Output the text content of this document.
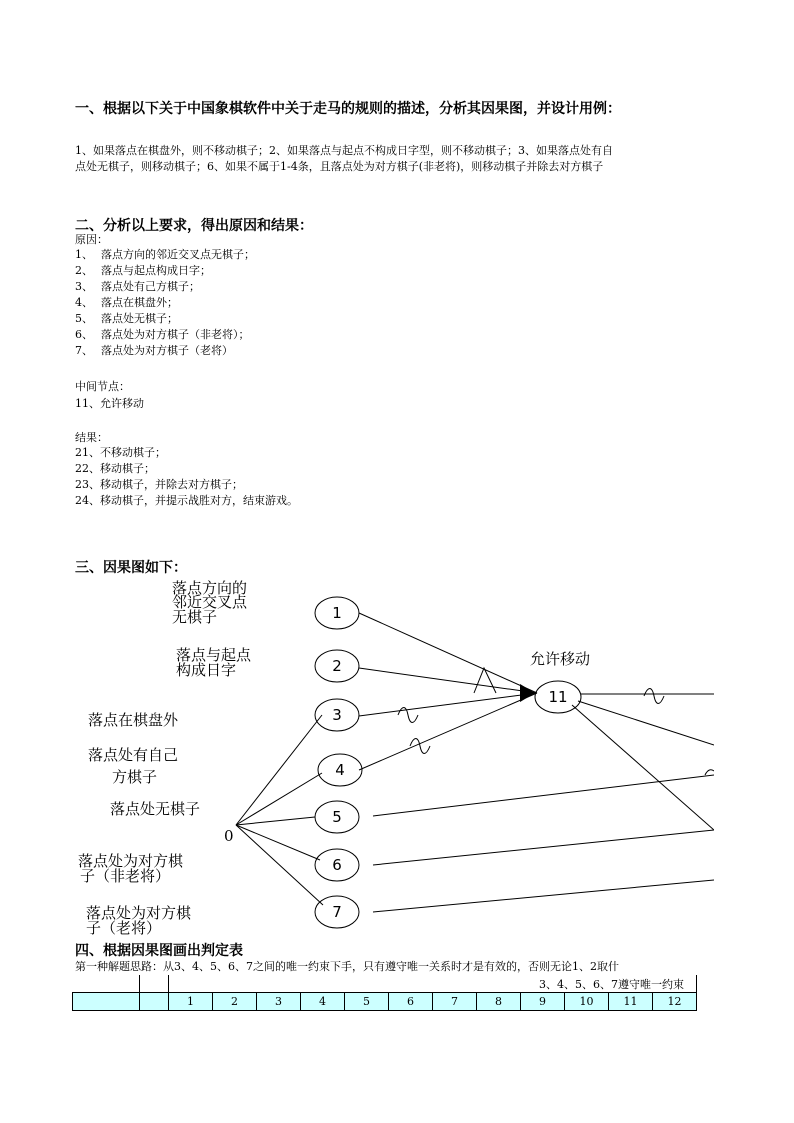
一、根据以下关于中国象棋软件中关于走马的规则的描述，分析其因果图，并设计用例：
1、如果落点在棋盘外，则不移动棋子；2、如果落点与起点不构成日字型，则不移动棋子；3、如果落点处有自
点处无棋子，则移动棋子；6、如果不属于1-4条，且落点处为对方棋子(非老将)，则移动棋子并除去对方棋子
二、分析以上要求，得出原因和结果：
原因：
1、 落点方向的邻近交叉点无棋子；
2、 落点与起点构成日字；
3、 落点处有己方棋子；
4、 落点在棋盘外；
5、 落点处无棋子；
6、 落点处为对方棋子（非老将）；
7、 落点处为对方棋子（老将）
中间节点：
11、允许移动
结果：
21、不移动棋子；
22、移动棋子；
23、移动棋子，并除去对方棋子；
24、移动棋子，并提示战胜对方，结束游戏。
三、因果图如下：
1
2
3
4
5
6
7
11
落点方向的
邻近交叉点
无棋子
落点与起点
构成日字
落点在棋盘外
落点处有自己
方棋子
落点处无棋子
0
落点处为对方棋
子（非老将）
落点处为对方棋
子（老将）
允许移动
四、根据因果图画出判定表
第一种解题思路：从3、4、5、6、7之间的唯一约束下手，只有遵守唯一关系时才是有效的，否则无论1、2取什
		3、4、5、6、7遵守唯一约束											
		1	2	3	4	5	6	7	8	9	10	11	12
